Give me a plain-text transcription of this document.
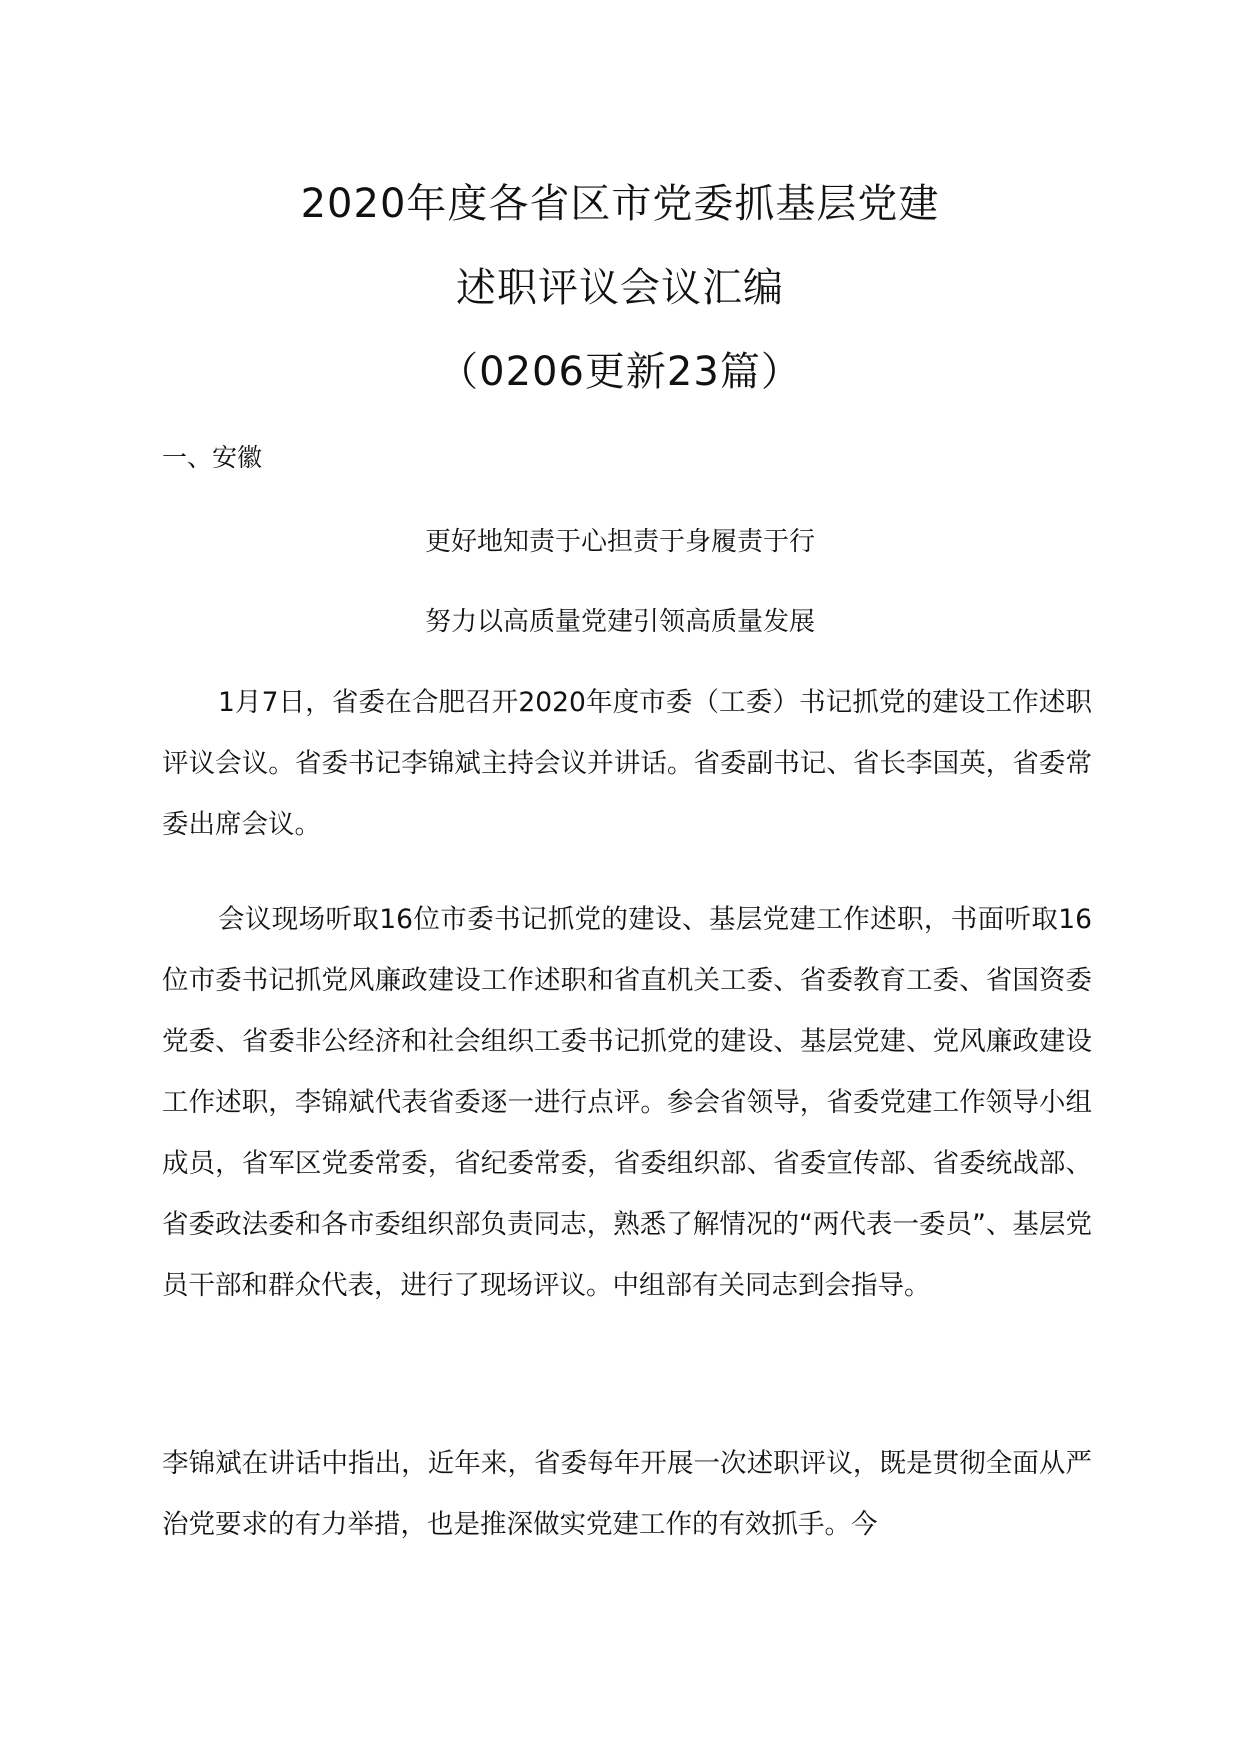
2020年度各省区市党委抓基层党建
述职评议会议汇编
（0206更新23篇）
一、安徽
更好地知责于心担责于身履责于行
努力以高质量党建引领高质量发展
1月7日，省委在合肥召开2020年度市委（工委）书记抓党的建设工作述职评议会议。省委书记李锦斌主持会议并讲话。省委副书记、省长李国英，省委常委出席会议。
会议现场听取16位市委书记抓党的建设、基层党建工作述职，书面听取16位市委书记抓党风廉政建设工作述职和省直机关工委、省委教育工委、省国资委党委、省委非公经济和社会组织工委书记抓党的建设、基层党建、党风廉政建设工作述职，李锦斌代表省委逐一进行点评。参会省领导，省委党建工作领导小组成员，省军区党委常委，省纪委常委，省委组织部、省委宣传部、省委统战部、省委政法委和各市委组织部负责同志，熟悉了解情况的“两代表一委员”、基层党员干部和群众代表，进行了现场评议。中组部有关同志到会指导。
李锦斌在讲话中指出，近年来，省委每年开展一次述职评议，既是贯彻全面从严治党要求的有力举措，也是推深做实党建工作的有效抓手。今
